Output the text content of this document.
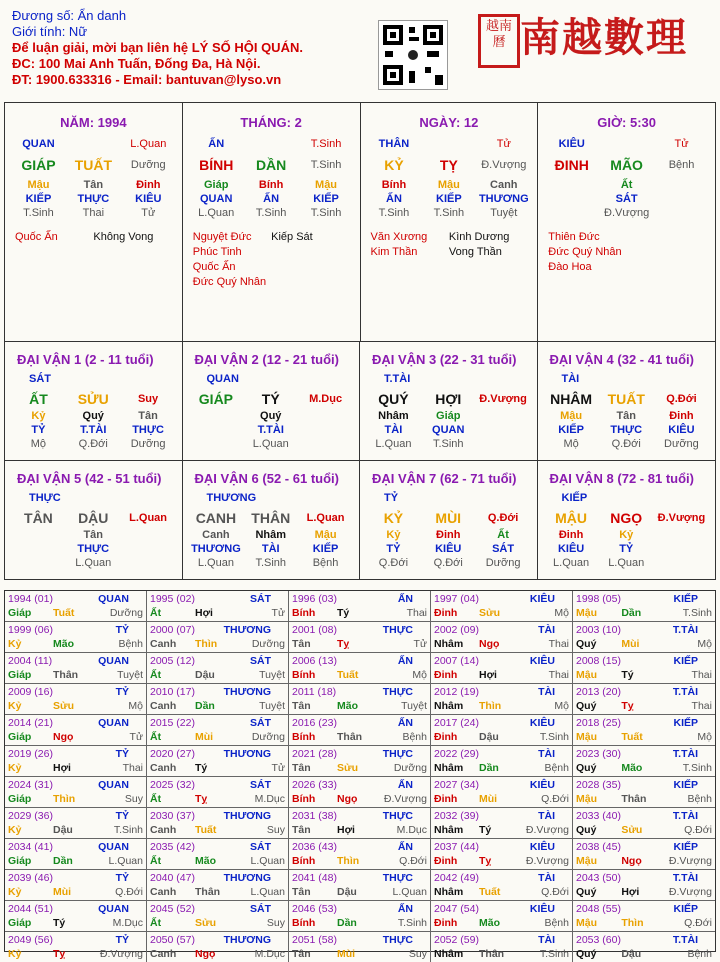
Đương số: Ẩn danh
Giới tính: Nữ
Để luận giải, mời bạn liên hệ LÝ SỐ HỘI QUÁN.
ĐC: 100 Mai Anh Tuấn, Đống Đa, Hà Nội.
ĐT: 1900.633316 - Email: bantuvan@lyso.vn
越南曆 南越數理
NĂM: 1994
QUAN	L.Quan
GIÁP	TUẤT	Dưỡng
Mậu	Tân	Đinh
KIẾP	THỰC	KIÊU
T.Sinh	Thai	Tử
Quốc Ấn	Không Vong
THÁNG: 2
ẤN	T.Sinh
BÍNH	DẦN	T.Sinh
Giáp	Bính	Mậu
QUAN	ẤN	KIẾP
L.Quan	T.Sinh	T.Sinh
Nguyệt Đức
Phúc Tinh
Quốc Ấn
Đức Quý Nhân
Kiếp Sát
NGÀY: 12
THÂN	Tử
KỶ	TỴ	Đ.Vượng
Bính	Mậu	Canh
ẤN	KIẾP	THƯƠNG
T.Sinh	T.Sinh	Tuyệt
Văn Xương
Kim Thần
Kình Dương
Vong Thần
GIỜ: 5:30
KIÊU	Tử
ĐINH	MÃO	Bệnh
Ất
SÁT
Đ.Vượng
Thiên Đức
Đức Quý Nhân
Đào Hoa
ĐẠI VẬN 1 (2 - 11 tuổi)
SÁT
ẤT	SỬU	Suy
Kỷ	Quý	Tân
TỶ	T.TÀI	THỰC
Mộ	Q.Đới	Dưỡng
ĐẠI VẬN 2 (12 - 21 tuổi)
QUAN
GIÁP	TÝ	M.Dục
Quý
T.TÀI
L.Quan
ĐẠI VẬN 3 (22 - 31 tuổi)
T.TÀI
QUÝ	HỢI	Đ.Vượng
Nhâm	Giáp
TÀI	QUAN
L.Quan	T.Sinh
ĐẠI VẬN 4 (32 - 41 tuổi)
TÀI
NHÂM	TUẤT	Q.Đới
Mậu	Tân	Đinh
KIẾP	THỰC	KIÊU
Mộ	Q.Đới	Dưỡng
ĐẠI VẬN 5 (42 - 51 tuổi)
THỰC
TÂN	DẬU	L.Quan
Tân
THỰC
L.Quan
ĐẠI VẬN 6 (52 - 61 tuổi)
THƯƠNG
CANH	THÂN	L.Quan
Canh	Nhâm	Mậu
THƯƠNG	TÀI	KIẾP
L.Quan	T.Sinh	Bệnh
ĐẠI VẬN 7 (62 - 71 tuổi)
TỶ
KỶ	MÙI	Q.Đới
Kỷ	Đinh	Ất
TỶ	KIÊU	SÁT
Q.Đới	Q.Đới	Dưỡng
ĐẠI VẬN 8 (72 - 81 tuổi)
KIẾP
MẬU	NGỌ	Đ.Vượng
Đinh	Kỷ
KIÊU	TỶ
L.Quan	L.Quan
1994 (01)	QUAN
Giáp	Tuất	Dưỡng
1995 (02)	SÁT
Ất	Hợi	Tử
1996 (03)	ẤN
Bính	Tý	Thai
1997 (04)	KIÊU
Đinh	Sửu	Mộ
1998 (05)	KIẾP
Mậu	Dần	T.Sinh
1999 (06)	TỶ
Kỷ	Mão	Bệnh
2000 (07)	THƯƠNG
Canh	Thìn	Dưỡng
2001 (08)	THỰC
Tân	Tỵ	Tử
2002 (09)	TÀI
Nhâm	Ngọ	Thai
2003 (10)	T.TÀI
Quý	Mùi	Mộ
2004 (11)	QUAN
Giáp	Thân	Tuyệt
2005 (12)	SÁT
Ất	Dậu	Tuyệt
2006 (13)	ẤN
Bính	Tuất	Mộ
2007 (14)	KIÊU
Đinh	Hợi	Thai
2008 (15)	KIẾP
Mậu	Tý	Thai
2009 (16)	TỶ
Kỷ	Sửu	Mộ
2010 (17)	THƯƠNG
Canh	Dần	Tuyệt
2011 (18)	THỰC
Tân	Mão	Tuyệt
2012 (19)	TÀI
Nhâm	Thìn	Mộ
2013 (20)	T.TÀI
Quý	Tỵ	Thai
2014 (21)	QUAN
Giáp	Ngọ	Tử
2015 (22)	SÁT
Ất	Mùi	Dưỡng
2016 (23)	ẤN
Bính	Thân	Bệnh
2017 (24)	KIÊU
Đinh	Dậu	T.Sinh
2018 (25)	KIẾP
Mậu	Tuất	Mộ
2019 (26)	TỶ
Kỷ	Hợi	Thai
2020 (27)	THƯƠNG
Canh	Tý	Tử
2021 (28)	THỰC
Tân	Sửu	Dưỡng
2022 (29)	TÀI
Nhâm	Dần	Bệnh
2023 (30)	T.TÀI
Quý	Mão	T.Sinh
2024 (31)	QUAN
Giáp	Thìn	Suy
2025 (32)	SÁT
Ất	Tỵ	M.Dục
2026 (33)	ẤN
Bính	Ngọ	Đ.Vượng
2027 (34)	KIÊU
Đinh	Mùi	Q.Đới
2028 (35)	KIẾP
Mậu	Thân	Bệnh
2029 (36)	TỶ
Kỷ	Dậu	T.Sinh
2030 (37)	THƯƠNG
Canh	Tuất	Suy
2031 (38)	THỰC
Tân	Hợi	M.Dục
2032 (39)	TÀI
Nhâm	Tý	Đ.Vượng
2033 (40)	T.TÀI
Quý	Sửu	Q.Đới
2034 (41)	QUAN
Giáp	Dần	L.Quan
2035 (42)	SÁT
Ất	Mão	L.Quan
2036 (43)	ẤN
Bính	Thìn	Q.Đới
2037 (44)	KIÊU
Đinh	Tỵ	Đ.Vượng
2038 (45)	KIẾP
Mậu	Ngọ	Đ.Vượng
2039 (46)	TỶ
Kỷ	Mùi	Q.Đới
2040 (47)	THƯƠNG
Canh	Thân	L.Quan
2041 (48)	THỰC
Tân	Dậu	L.Quan
2042 (49)	TÀI
Nhâm	Tuất	Q.Đới
2043 (50)	T.TÀI
Quý	Hợi	Đ.Vượng
2044 (51)	QUAN
Giáp	Tý	M.Dục
2045 (52)	SÁT
Ất	Sửu	Suy
2046 (53)	ẤN
Bính	Dần	T.Sinh
2047 (54)	KIÊU
Đinh	Mão	Bệnh
2048 (55)	KIẾP
Mậu	Thìn	Q.Đới
2049 (56)	TỶ
Kỷ	Tỵ	Đ.Vượng
2050 (57)	THƯƠNG
Canh	Ngọ	M.Dục
2051 (58)	THỰC
Tân	Mùi	Suy
2052 (59)	TÀI
Nhâm	Thân	T.Sinh
2053 (60)	T.TÀI
Quý	Dậu	Bệnh
